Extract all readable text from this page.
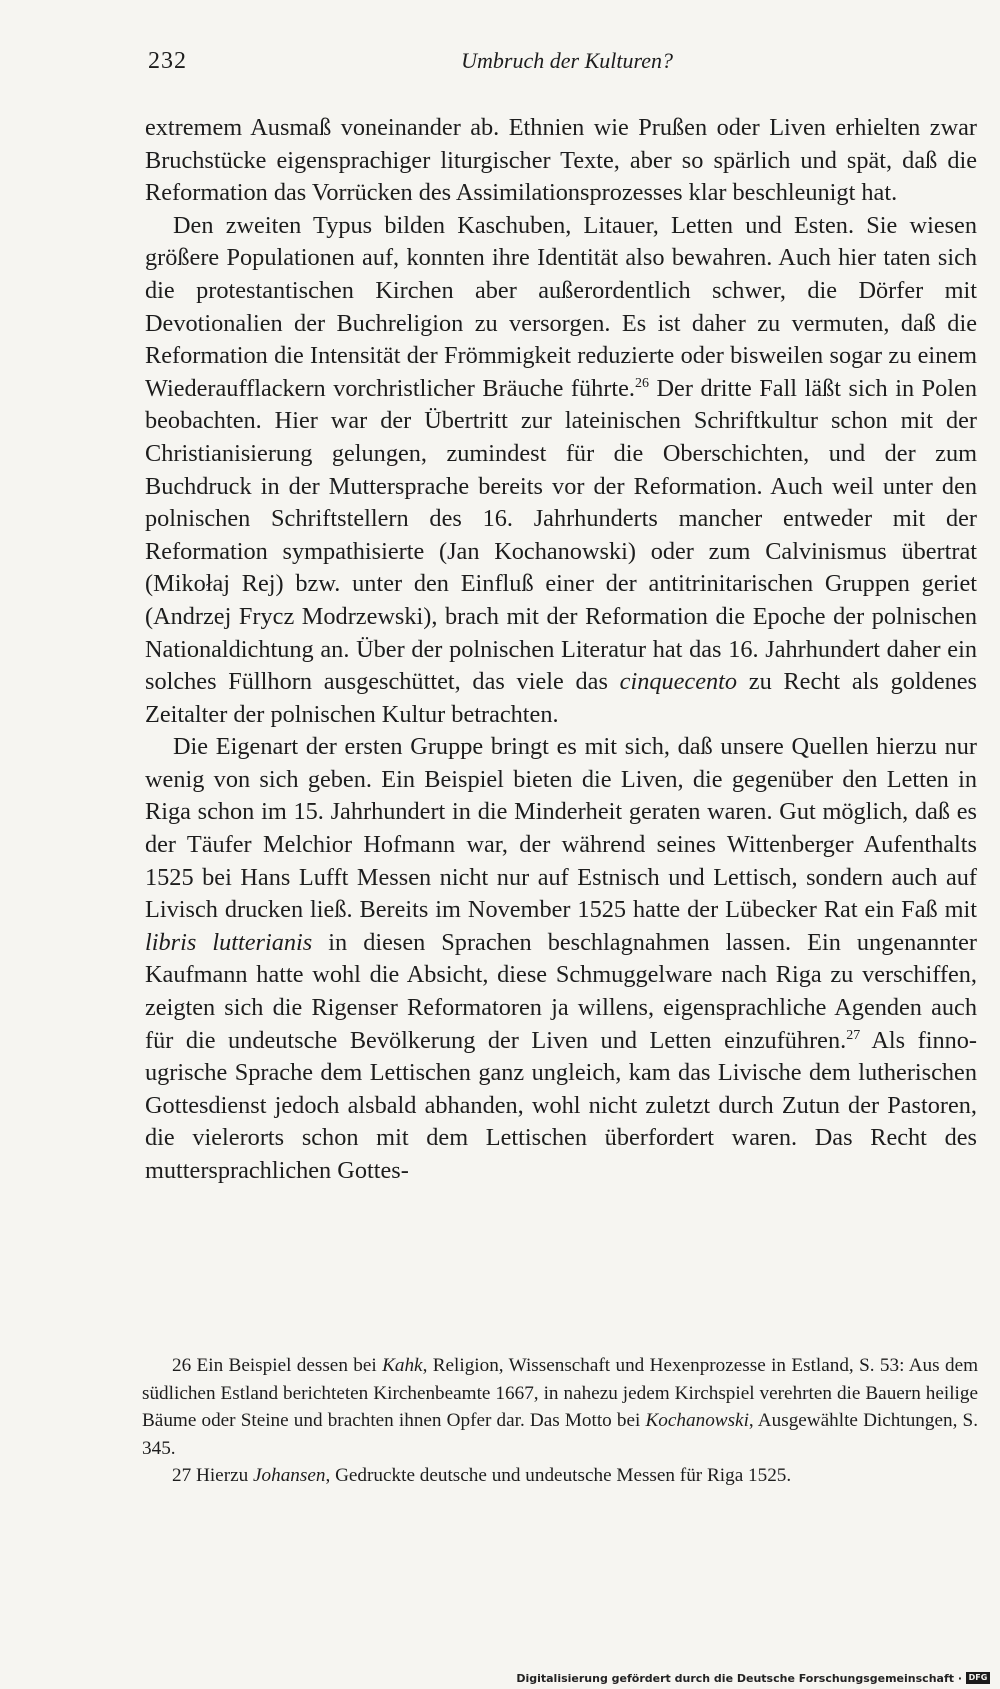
232	Umbruch der Kulturen?

extremem Ausmaß voneinander ab. Ethnien wie Prußen oder Liven erhielten zwar Bruchstücke eigensprachiger liturgischer Texte, aber so spärlich und spät, daß die Reformation das Vorrücken des Assimilationsprozesses klar beschleunigt hat.

Den zweiten Typus bilden Kaschuben, Litauer, Letten und Esten. Sie wiesen größere Populationen auf, konnten ihre Identität also bewahren. Auch hier taten sich die protestantischen Kirchen aber außerordentlich schwer, die Dörfer mit Devotionalien der Buchreligion zu versorgen. Es ist daher zu vermuten, daß die Reformation die Intensität der Frömmigkeit reduzierte oder bisweilen sogar zu einem Wiederaufflackern vorchristlicher Bräuche führte.$^{26}$ Der dritte Fall läßt sich in Polen beobachten. Hier war der Übertritt zur lateinischen Schriftkultur schon mit der Christianisierung gelungen, zumindest für die Oberschichten, und der zum Buchdruck in der Muttersprache bereits vor der Reformation. Auch weil unter den polnischen Schriftstellern des 16. Jahrhunderts mancher entweder mit der Reformation sympathisierte (Jan Kochanowski) oder zum Calvinismus übertrat (Mikołaj Rej) bzw. unter den Einfluß einer der antitrinitarischen Gruppen geriet (Andrzej Frycz Modrzewski), brach mit der Reformation die Epoche der polnischen Nationaldichtung an. Über der polnischen Literatur hat das 16. Jahrhundert daher ein solches Füllhorn ausgeschüttet, das viele das cinquecento zu Recht als goldenes Zeitalter der polnischen Kultur betrachten.

Die Eigenart der ersten Gruppe bringt es mit sich, daß unsere Quellen hierzu nur wenig von sich geben. Ein Beispiel bieten die Liven, die gegenüber den Letten in Riga schon im 15. Jahrhundert in die Minderheit geraten waren. Gut möglich, daß es der Täufer Melchior Hofmann war, der während seines Wittenberger Aufenthalts 1525 bei Hans Lufft Messen nicht nur auf Estnisch und Lettisch, sondern auch auf Livisch drucken ließ. Bereits im November 1525 hatte der Lübecker Rat ein Faß mit libris lutterianis in diesen Sprachen beschlagnahmen lassen. Ein ungenannter Kaufmann hatte wohl die Absicht, diese Schmuggelware nach Riga zu verschiffen, zeigten sich die Rigenser Reformatoren ja willens, eigensprachliche Agenden auch für die undeutsche Bevölkerung der Liven und Letten einzuführen.$^{27}$ Als finno-ugrische Sprache dem Lettischen ganz ungleich, kam das Livische dem lutherischen Gottesdienst jedoch alsbald abhanden, wohl nicht zuletzt durch Zutun der Pastoren, die vielerorts schon mit dem Lettischen überfordert waren. Das Recht des muttersprachlichen Gottes-

26 Ein Beispiel dessen bei Kahk, Religion, Wissenschaft und Hexenprozesse in Estland, S. 53: Aus dem südlichen Estland berichteten Kirchenbeamte 1667, in nahezu jedem Kirchspiel verehrten die Bauern heilige Bäume oder Steine und brachten ihnen Opfer dar. Das Motto bei Kochanowski, Ausgewählte Dichtungen, S. 345.

27 Hierzu Johansen, Gedruckte deutsche und undeutsche Messen für Riga 1525.

Digitalisierung gefördert durch die Deutsche Forschungsgemeinschaft · DFG
